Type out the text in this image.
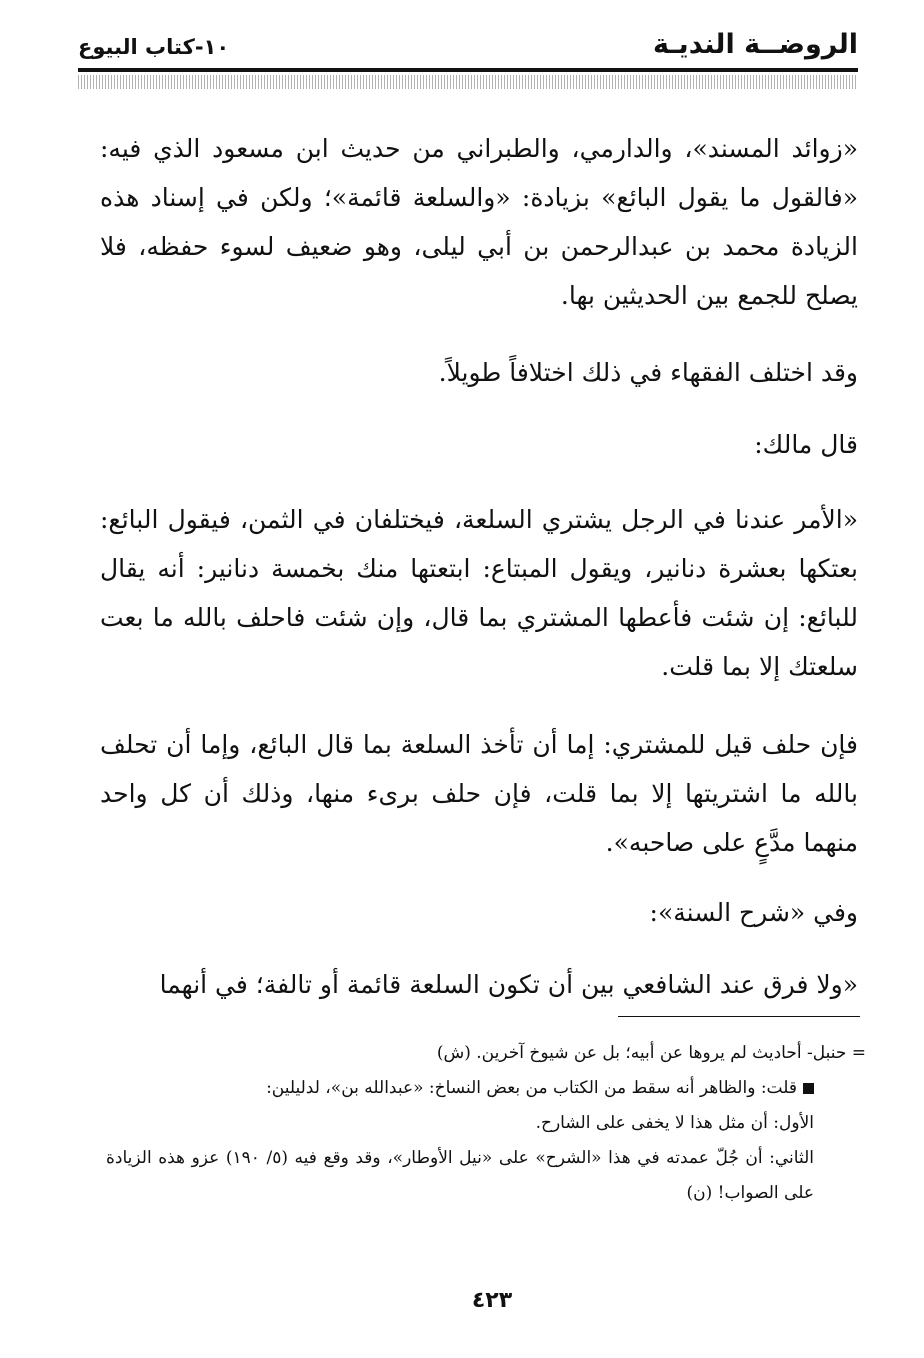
الروضــة النديـة
١٠-كتاب البيوع

«زوائد المسند»، والدارمي، والطبراني من حديث ابن مسعود الذي فيه: «فالقول ما يقول البائع» بزيادة: «والسلعة قائمة»؛ ولكن في إسناد هذه الزيادة محمد بن عبدالرحمن بن أبي ليلى، وهو ضعيف لسوء حفظه، فلا يصلح للجمع بين الحديثين بها.

وقد اختلف الفقهاء في ذلك اختلافاً طويلاً.

قال مالك:

«الأمر عندنا في الرجل يشتري السلعة، فيختلفان في الثمن، فيقول البائع: بعتكها بعشرة دنانير، ويقول المبتاع: ابتعتها منك بخمسة دنانير: أنه يقال للبائع: إن شئت فأعطها المشتري بما قال، وإن شئت فاحلف بالله ما بعت سلعتك إلا بما قلت.

فإن حلف قيل للمشتري: إما أن تأخذ السلعة بما قال البائع، وإما أن تحلف بالله ما اشتريتها إلا بما قلت، فإن حلف برىء منها، وذلك أن كل واحد منهما مدَّعٍ على صاحبه».

وفي «شرح السنة»:

«ولا فرق عند الشافعي بين أن تكون السلعة قائمة أو تالفة؛ في أنهما

= حنبل- أحاديث لم يروها عن أبيه؛ بل عن شيوخ آخرين. (ش)

قلت: والظاهر أنه سقط من الكتاب من بعض النساخ: «عبدالله بن»، لدليلين:

الأول: أن مثل هذا لا يخفى على الشارح.

الثاني: أن جُلّ عمدته في هذا «الشرح» على «نيل الأوطار»، وقد وقع فيه (٥/ ١٩٠) عزو هذه الزيادة على الصواب! (ن)

٤٢٣
